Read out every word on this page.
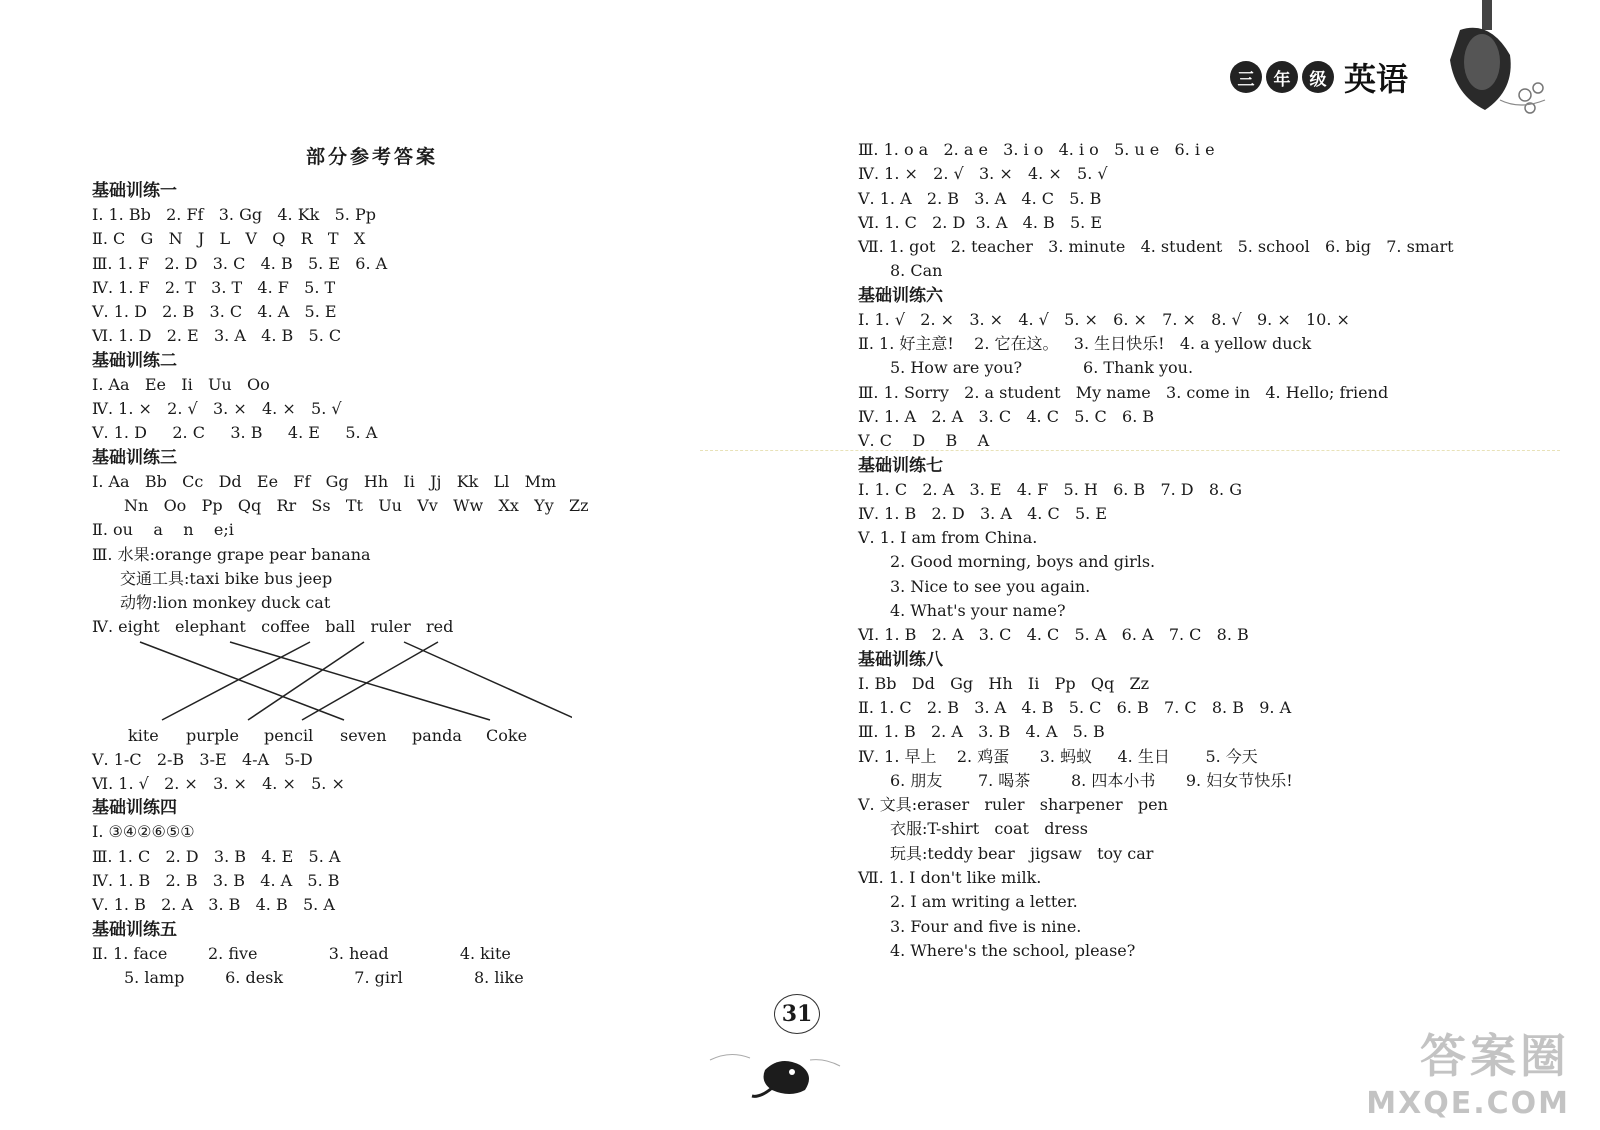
三	年	级 英语
部分参考答案
基础训练一
Ⅰ. 1. Bb   2. Ff   3. Gg   4. Kk   5. Pp
Ⅱ. C   G   N   J   L   V   Q   R   T   X
Ⅲ. 1. F   2. D   3. C   4. B   5. E   6. A
Ⅳ. 1. F   2. T   3. T   4. F   5. T
Ⅴ. 1. D   2. B   3. C   4. A   5. E
Ⅵ. 1. D   2. E   3. A   4. B   5. C
基础训练二
Ⅰ. Aa   Ee   Ii   Uu   Oo
Ⅳ. 1. ×   2. √   3. ×   4. ×   5. √
Ⅴ. 1. D     2. C     3. B     4. E     5. A
基础训练三
Ⅰ. Aa   Bb   Cc   Dd   Ee   Ff   Gg   Hh   Ii   Jj   Kk   Ll   Mm
Nn   Oo   Pp   Qq   Rr   Ss   Tt   Uu   Vv   Ww   Xx   Yy   Zz
Ⅱ. ou    a    n    e;i
Ⅲ. 水果:orange grape pear banana
交通工具:taxi bike bus jeep
动物:lion monkey duck cat
Ⅳ. eight   elephant   coffee   ball   ruler   red
kite	purple	pencil	seven	panda	Coke
Ⅴ. 1-C   2-B   3-E   4-A   5-D
Ⅵ. 1. √   2. ×   3. ×   4. ×   5. ×
基础训练四
Ⅰ. ③④②⑥⑤①
Ⅲ. 1. C   2. D   3. B   4. E   5. A
Ⅳ. 1. B   2. B   3. B   4. A   5. B
Ⅴ. 1. B   2. A   3. B   4. B   5. A
基础训练五
Ⅱ. 1. face        2. five              3. head              4. kite
5. lamp        6. desk              7. girl              8. like
Ⅲ. 1. o a   2. a e   3. i o   4. i o   5. u e   6. i e
Ⅳ. 1. ×   2. √   3. ×   4. ×   5. √
Ⅴ. 1. A   2. B   3. A   4. C   5. B
Ⅵ. 1. C   2. D  3. A   4. B   5. E
Ⅶ. 1. got   2. teacher   3. minute   4. student   5. school   6. big   7. smart
8. Can
基础训练六
Ⅰ. 1. √   2. ×   3. ×   4. √   5. ×   6. ×   7. ×   8. √   9. ×   10. ×
Ⅱ. 1. 好主意!    2. 它在这。   3. 生日快乐!   4. a yellow duck
5. How are you?            6. Thank you.
Ⅲ. 1. Sorry   2. a student   My name   3. come in   4. Hello; friend
Ⅳ. 1. A   2. A   3. C   4. C   5. C   6. B
Ⅴ. C    D    B    A
基础训练七
Ⅰ. 1. C   2. A   3. E   4. F   5. H   6. B   7. D   8. G
Ⅳ. 1. B   2. D   3. A   4. C   5. E
Ⅴ. 1. I am from China.
2. Good morning, boys and girls.
3. Nice to see you again.
4. What's your name?
Ⅵ. 1. B   2. A   3. C   4. C   5. A   6. A   7. C   8. B
基础训练八
Ⅰ. Bb   Dd   Gg   Hh   Ii   Pp   Qq   Zz
Ⅱ. 1. C   2. B   3. A   4. B   5. C   6. B   7. C   8. B   9. A
Ⅲ. 1. B   2. A   3. B   4. A   5. B
Ⅳ. 1. 早上    2. 鸡蛋      3. 蚂蚁     4. 生日       5. 今天
6. 朋友       7. 喝茶        8. 四本小书      9. 妇女节快乐!
Ⅴ. 文具:eraser   ruler   sharpener   pen
衣服:T-shirt   coat   dress
玩具:teddy bear   jigsaw   toy car
Ⅶ. 1. I don't like milk.
2. I am writing a letter.
3. Four and five is nine.
4. Where's the school, please?
31
答案圈
MXQE.COM
